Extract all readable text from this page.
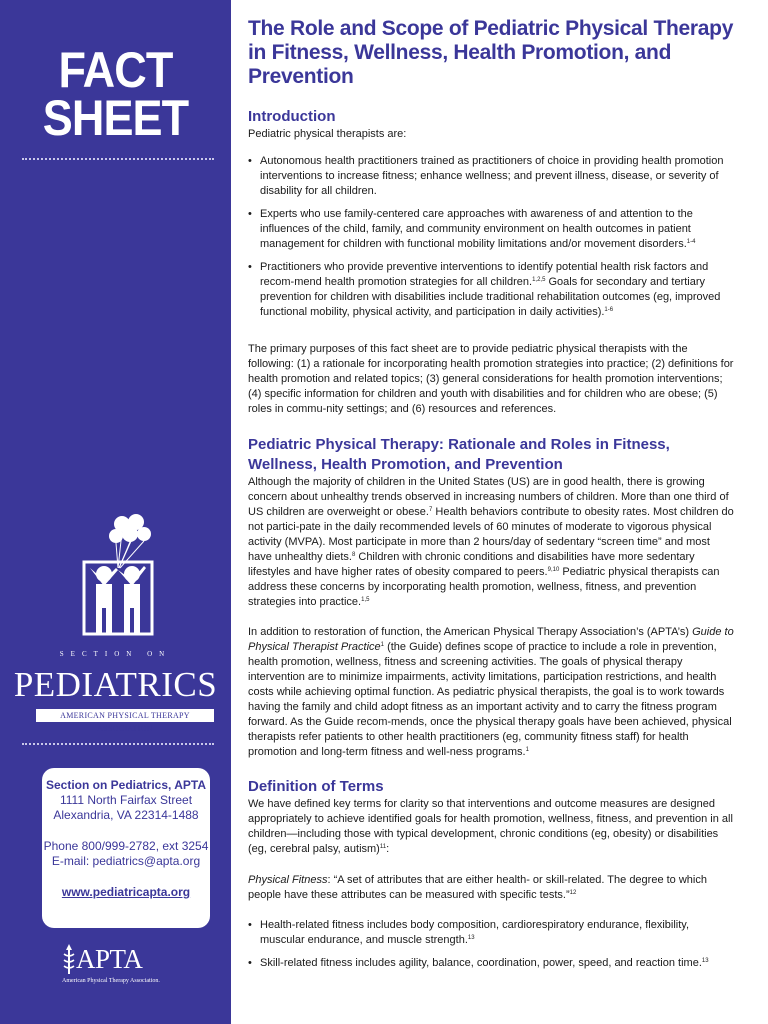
FACT
SHEET
SECTION ON
PEDIATRICS
AMERICAN PHYSICAL THERAPY ASSOCIATION
Section on Pediatrics, APTA
1111 North Fairfax Street
Alexandria, VA 22314-1488
Phone 800/999-2782, ext 3254
E-mail: pediatrics@apta.org
www.pediatricapta.org
APTA
American Physical Therapy Association.
The Role and Scope of Pediatric Physical Therapy in Fitness, Wellness, Health Promotion, and Prevention
Introduction

Pediatric physical therapists are:

• Autonomous health practitioners trained as practitioners of choice in providing health promotion interventions to increase fitness; enhance wellness; and prevent illness, disease, or severity of disability for all children.
• Experts who use family-centered care approaches with awareness of and attention to the influences of the child, family, and community environment on health outcomes in patient management for children with functional mobility limitations and/or movement disorders.$^{1-4}$
• Practitioners who provide preventive interventions to identify potential health risk factors and recom-mend health promotion strategies for all children.$^{1,2,5}$ Goals for secondary and tertiary prevention for children with disabilities include traditional rehabilitation outcomes (eg, improved functional mobility, physical activity, and participation in daily activities).$^{1-6}$

The primary purposes of this fact sheet are to provide pediatric physical therapists with the following: (1) a rationale for incorporating health promotion strategies into practice; (2) definitions for health promotion and related topics; (3) general considerations for health promotion interventions; (4) specific information for children and youth with disabilities and for children who are obese; (5) roles in commu-nity settings; and (6) resources and references.

Pediatric Physical Therapy: Rationale and Roles in Fitness, Wellness, Health Promotion, and Prevention

Although the majority of children in the United States (US) are in good health, there is growing concern about unhealthy trends observed in increasing numbers of children. More than one third of US children are overweight or obese.$^7$ Health behaviors contribute to obesity rates. Most children do not partici-pate in the daily recommended levels of 60 minutes of moderate to vigorous physical activity (MVPA). Most participate in more than 2 hours/day of sedentary “screen time” and most have unhealthy diets.$^8$ Children with chronic conditions and disabilities have more sedentary lifestyles and have higher rates of obesity compared to peers.$^{9,10}$ Pediatric physical therapists can address these concerns by incorporating health promotion, wellness, fitness, and prevention strategies into practice.$^{1,5}$

In addition to restoration of function, the American Physical Therapy Association’s (APTA’s) Guide to Physical Therapist Practice$^1$ (the Guide) defines scope of practice to include a role in prevention, health promotion, wellness, fitness and screening activities. The goals of physical therapy intervention are to minimize impairments, activity limitations, participation restrictions, and health costs while achieving optimal function. As pediatric physical therapists, the goal is to work towards having the family and child adopt fitness as an important activity and to carry the fitness program forward. As the Guide recom-mends, once the physical therapy goals have been achieved, physical therapists refer patients to other health practitioners (eg, community fitness staff) for health promotion and long-term fitness and well-ness programs.$^1$

Definition of Terms

We have defined key terms for clarity so that interventions and outcome measures are designed appropriately to achieve identified goals for health promotion, wellness, fitness, and prevention in all children—including those with typical development, chronic conditions (eg, obesity) or disabilities (eg, cerebral palsy, autism)$^{11}$:

Physical Fitness: “A set of attributes that are either health- or skill-related. The degree to which people have these attributes can be measured with specific tests.”$^{12}$

• Health-related fitness includes body composition, cardiorespiratory endurance, flexibility, muscular endurance, and muscle strength.$^{13}$
• Skill-related fitness includes agility, balance, coordination, power, speed, and reaction time.$^{13}$
